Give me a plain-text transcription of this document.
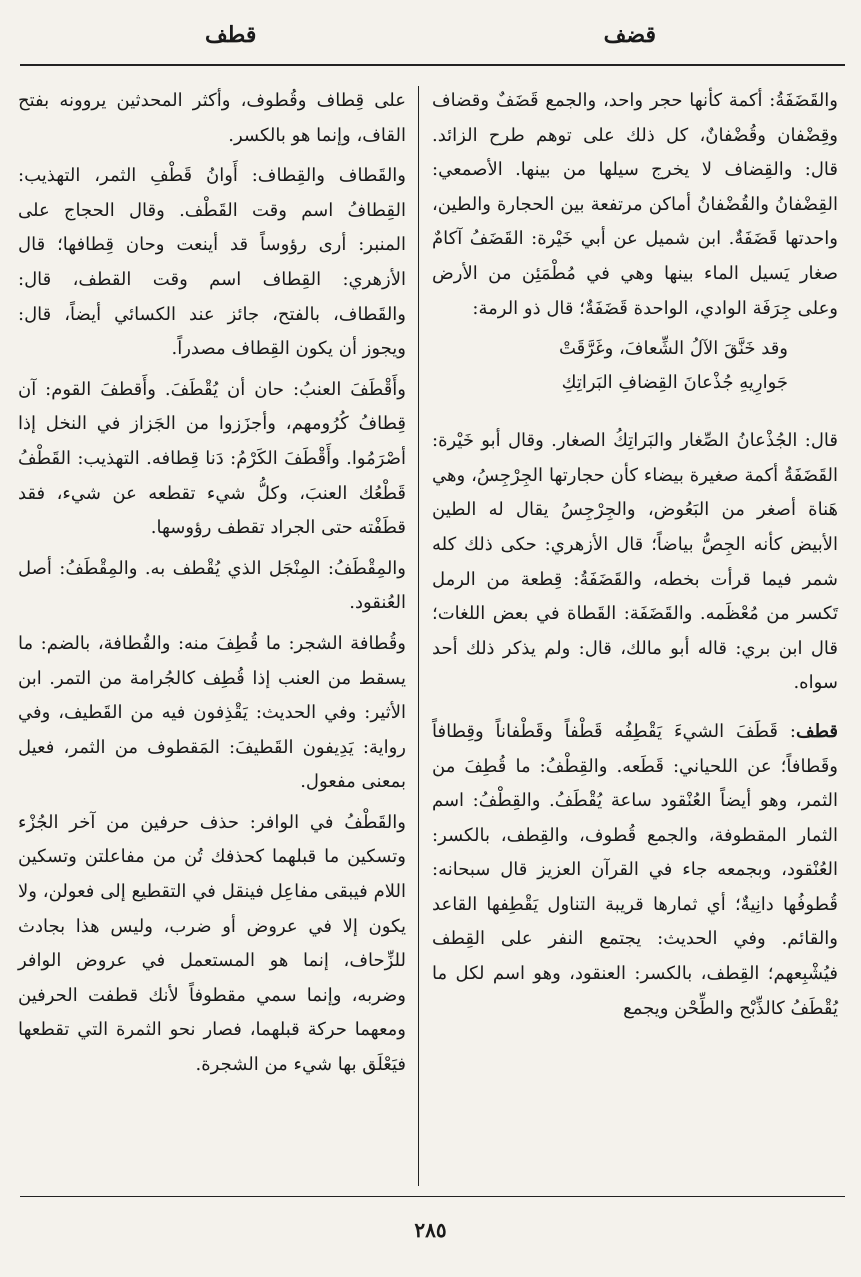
قضف
قطف

والقَضَفَةُ: أكمة كأنها حجر واحد، والجمع قَضَفٌ وقضاف وقِضْفان وقُضْفانٌ، كل ذلك على توهم طرح الزائد. قال: والقِضاف لا يخرج سيلها من بينها. الأصمعي: القِضْفانُ والقُضْفانُ أماكن مرتفعة بين الحجارة والطين، واحدتها قَضَفَةٌ. ابن شميل عن أبي خَيْرة: القَضَفُ آكامٌ صغار يَسيل الماء بينها وهي في مُطْمَئِن من الأرض وعلى جِرَفَة الوادي، الواحدة قَضَفَةٌ؛ قال ذو الرمة:

وقد خَنَّقَ الآلُ الشِّعافَ، وغَرَّقَتْ
جَوارِيهِ جُذْعانَ القِضافِ البَراتِكِ

قال: الجُذْعانُ الصِّغار والبَراتِكُ الصغار. وقال أبو خَيْرة: القَضَفَةُ أكمة صغيرة بيضاء كأن حجارتها الجِرْجِسُ، وهي هَناة أصغر من البَعُوض، والجِرْجِسُ يقال له الطين الأبيض كأنه الجِصُّ بياضاً؛ قال الأزهري: حكى ذلك كله شمر فيما قرأت بخطه، والقَضَفَةُ: قِطعة من الرمل تَكسر من مُعْظَمه. والقَضَفَة: القَطاة في بعض اللغات؛ قال ابن بري: قاله أبو مالك، قال: ولم يذكر ذلك أحد سواه.

قطف: قَطَفَ الشيءَ يَقْطِفُه قَطْفاً وقَطْفاناً وقِطافاً وقَطافاً؛ عن اللحياني: قَطَعه. والقِطْفُ: ما قُطِفَ من الثمر، وهو أيضاً العُنْقود ساعة يُقْطَفُ. والقِطْفُ: اسم الثمار المقطوفة، والجمع قُطوف، والقِطف، بالكسر: العُنْقود، وبجمعه جاء في القرآن العزيز قال سبحانه: قُطوفُها دانِيةٌ؛ أي ثمارها قريبة التناول يَقْطِفها القاعد والقائم. وفي الحديث: يجتمع النفر على القِطف فيُشْبِعهم؛ القِطف، بالكسر: العنقود، وهو اسم لكل ما يُقْطَفُ كالذِّبْح والطِّحْن ويجمع

على قِطاف وقُطوف، وأكثر المحدثين يروونه بفتح القاف، وإنما هو بالكسر.

والقَطاف والقِطاف: أَوانُ قَطْفِ الثمر، التهذيب: القِطافُ اسم وقت القَطْف. وقال الحجاج على المنبر: أرى رؤوساً قد أينعت وحان قِطافها؛ قال الأزهري: القِطاف اسم وقت القطف، قال: والقَطاف، بالفتح، جائز عند الكسائي أيضاً، قال: ويجوز أن يكون القِطاف مصدراً.

وأَقْطَفَ العنبُ: حان أن يُقْطَفَ. وأَقطفَ القوم: آن قِطافُ كُرُومهم، وأجزَزوا من الجَزاز في النخل إذا أصْرَمُوا. وأَقْطَفَ الكَرْمُ: دَنا قِطافه. التهذيب: القَطْفُ قَطْعُك العنبَ، وكلُّ شيء تقطعه عن شيء، فقد قطَفْته حتى الجراد تقطف رؤوسها.

والمِقْطَفُ: المِنْجَل الذي يُقْطف به. والمِقْطَفُ: أصل العُنقود.

وقُطافة الشجر: ما قُطِفَ منه: والقُطافة، بالضم: ما يسقط من العنب إذا قُطِف كالجُرامة من التمر. ابن الأثير: وفي الحديث: يَقْذِفون فيه من القَطيف، وفي رواية: يَدِيفون القَطيفَ: المَقطوف من الثمر، فعيل بمعنى مفعول.

والقَطْفُ في الوافر: حذف حرفين من آخر الجُزْء وتسكين ما قبلهما كحذفك تُن من مفاعلتن وتسكين اللام فيبقى مفاعِل فينقل في التقطيع إلى فعولن، ولا يكون إلا في عروض أو ضرب، وليس هذا بجادث للزِّحاف، إنما هو المستعمل في عروض الوافر وضربه، وإنما سمي مقطوفاً لأنك قطفت الحرفين ومعهما حركة قبلهما، فصار نحو الثمرة التي تقطعها فيَعْلَق بها شيء من الشجرة.

٢٨٥
